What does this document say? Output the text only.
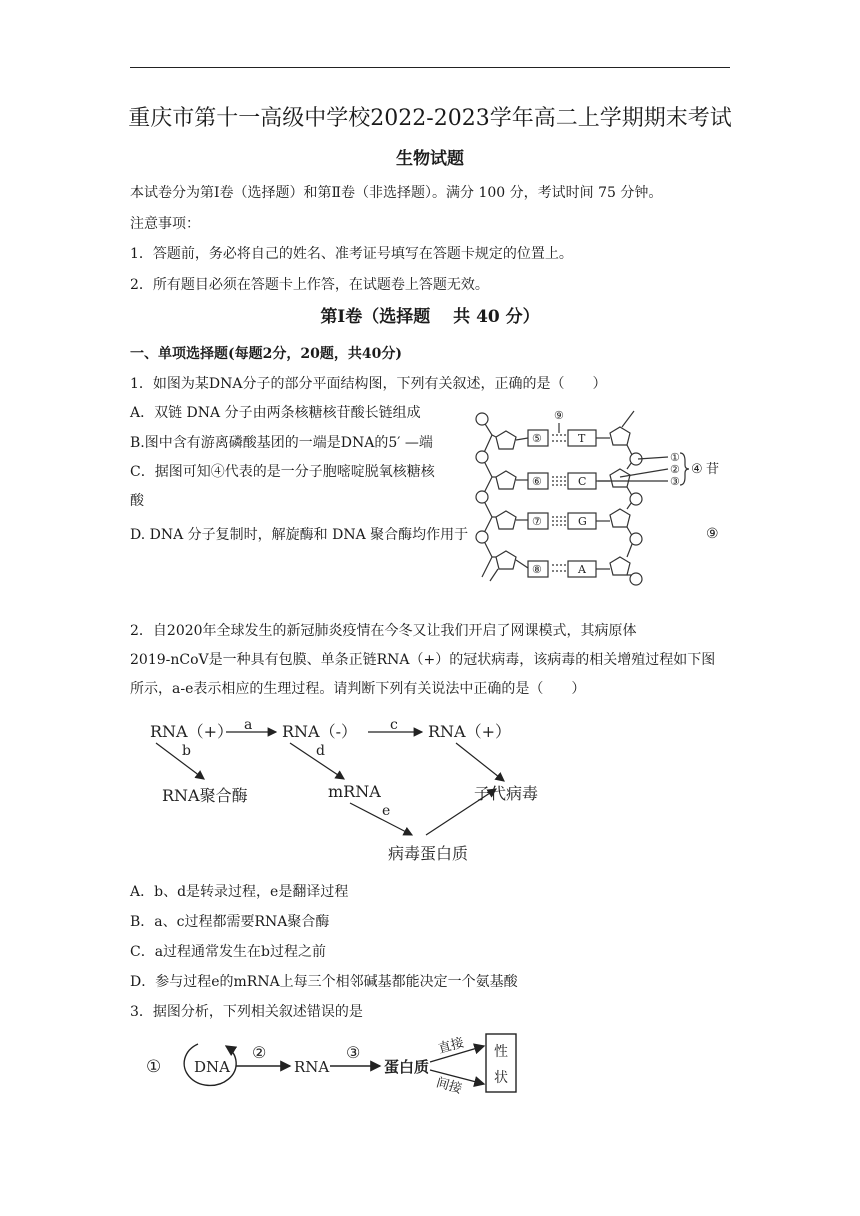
重庆市第十一高级中学校2022-2023学年高二上学期期末考试
生物试题
本试卷分为第Ⅰ卷（选择题）和第Ⅱ卷（非选择题）。满分 100 分，考试时间 75 分钟。
注意事项：
1．答题前，务必将自己的姓名、准考证号填写在答题卡规定的位置上。
2．所有题目必须在答题卡上作答，在试题卷上答题无效。
第Ⅰ卷（选择题　 共 40 分）
一、单项选择题(每题2分，20题，共40分)
1．如图为某DNA分子的部分平面结构图，下列有关叙述，正确的是（　　）
A．双链 DNA 分子由两条核糖核苷酸长链组成
B.图中含有游离磷酸基团的一端是DNA的5′ —端
C．据图可知④代表的是一分子胞嘧啶脱氧核糖核
酸
D. DNA 分子复制时，解旋酶和 DNA 聚合酶均作用于
⑤
⑥
⑦
⑧
T
C
G
A
⑨
①
②
③
④ 苷
⑨
2．自2020年全球发生的新冠肺炎疫情在今冬又让我们开启了网课模式，其病原体
2019-nCoV是一种具有包膜、单条正链RNA（+）的冠状病毒，该病毒的相关增殖过程如下图
所示，a-e表示相应的生理过程。请判断下列有关说法中正确的是（　　）
RNA（+）	RNA（-）	RNA（+）
RNA聚合酶	mRNA	子代病毒
病毒蛋白质
a
b
c
d
e
A．b、d是转录过程，e是翻译过程
B．a、c过程都需要RNA聚合酶
C．a过程通常发生在b过程之前
D．参与过程e的mRNA上每三个相邻碱基都能决定一个氨基酸
3．据图分析，下列相关叙述错误的是
① DNA
②
RNA
③
蛋白质
直接
间接
性
状
